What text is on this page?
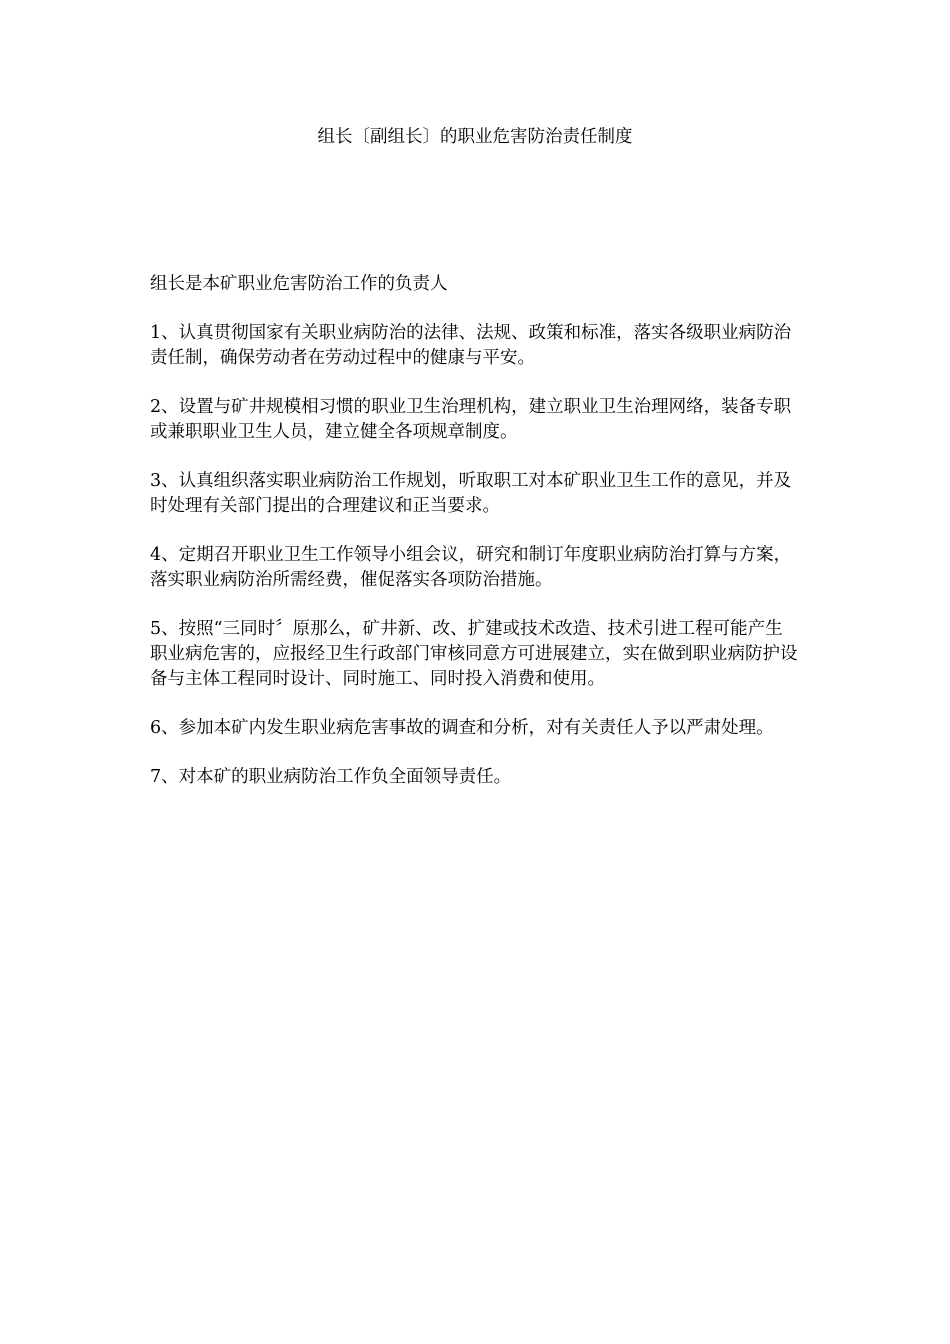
组长〔副组长〕的职业危害防治责任制度

组长是本矿职业危害防治工作的负责人

1、认真贯彻国家有关职业病防治的法律、法规、政策和标准，落实各级职业病防治责任制，确保劳动者在劳动过程中的健康与平安。

2、设置与矿井规模相习惯的职业卫生治理机构，建立职业卫生治理网络，装备专职或兼职职业卫生人员，建立健全各项规章制度。

3、认真组织落实职业病防治工作规划，听取职工对本矿职业卫生工作的意见，并及时处理有关部门提出的合理建议和正当要求。

4、定期召开职业卫生工作领导小组会议，研究和制订年度职业病防治打算与方案，落实职业病防治所需经费，催促落实各项防治措施。

5、按照“三同时〞原那么，矿井新、改、扩建或技术改造、技术引进工程可能产生职业病危害的，应报经卫生行政部门审核同意方可进展建立，实在做到职业病防护设备与主体工程同时设计、同时施工、同时投入消费和使用。

6、参加本矿内发生职业病危害事故的调查和分析，对有关责任人予以严肃处理。

7、对本矿的职业病防治工作负全面领导责任。
